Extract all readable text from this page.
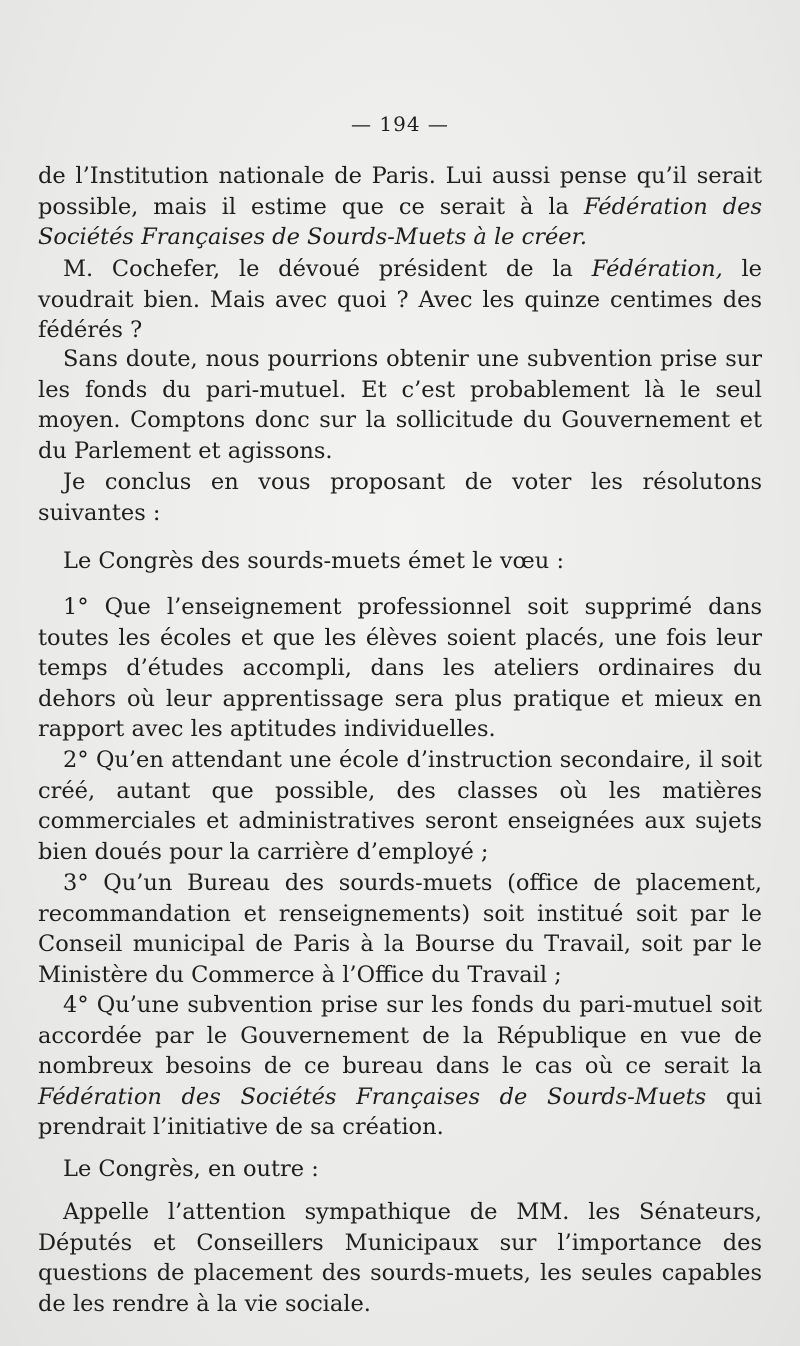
— 194 —

de l’Institution nationale de Paris. Lui aussi pense qu’il serait possible, mais il estime que ce serait à la Fédération des Sociétés Françaises de Sourds-Muets à le créer.

M. Cochefer, le dévoué président de la Fédération, le voudrait bien. Mais avec quoi ? Avec les quinze centimes des fédérés ?

Sans doute, nous pourrions obtenir une subvention prise sur les fonds du pari-mutuel. Et c’est probablement là le seul moyen. Comptons donc sur la sollicitude du Gouvernement et du Parlement et agissons.

Je conclus en vous proposant de voter les résolutons suivantes :

Le Congrès des sourds-muets émet le vœu :

1° Que l’enseignement professionnel soit supprimé dans toutes les écoles et que les élèves soient placés, une fois leur temps d’études accompli, dans les ateliers ordinaires du dehors où leur apprentissage sera plus pratique et mieux en rapport avec les aptitudes individuelles.

2° Qu’en attendant une école d’instruction secondaire, il soit créé, autant que possible, des classes où les matières commerciales et administratives seront enseignées aux sujets bien doués pour la carrière d’employé ;

3° Qu’un Bureau des sourds-muets (office de placement, recommandation et renseignements) soit institué soit par le Conseil municipal de Paris à la Bourse du Travail, soit par le Ministère du Commerce à l’Office du Travail ;

4° Qu’une subvention prise sur les fonds du pari-mutuel soit accordée par le Gouvernement de la République en vue de nombreux besoins de ce bureau dans le cas où ce serait la Fédération des Sociétés Françaises de Sourds-Muets qui prendrait l’initiative de sa création.

Le Congrès, en outre :

Appelle l’attention sympathique de MM. les Sénateurs, Députés et Conseillers Municipaux sur l’importance des questions de placement des sourds-muets, les seules capables de les rendre à la vie sociale.
